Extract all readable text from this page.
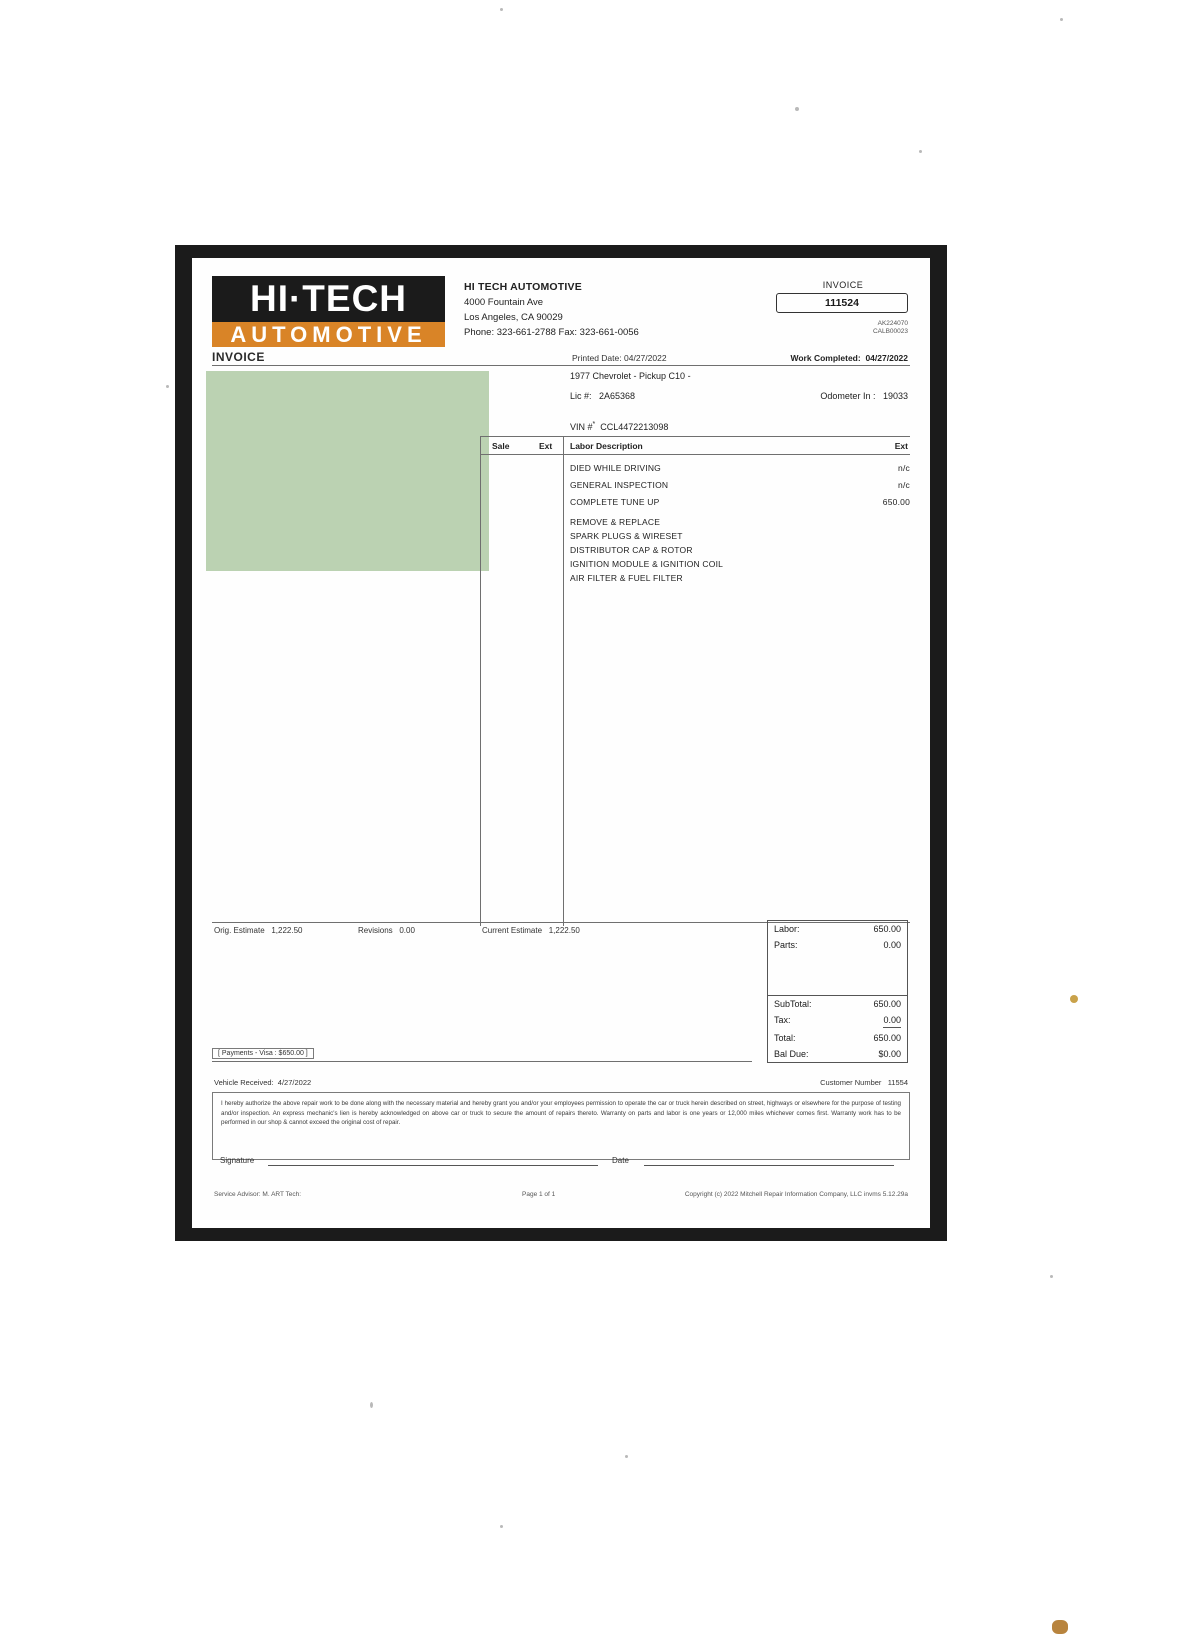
HI·TECH
AUTOMOTIVE
INVOICE
HI TECH AUTOMOTIVE
4000 Fountain Ave
Los Angeles, CA 90029
Phone: 323-661-2788 Fax: 323-661-0056
INVOICE
111524
AK224070
CALB00023
Printed Date: 04/27/2022	Work Completed: 04/27/2022
1977 Chevrolet - Pickup C10 -
Lic #: 2A65368	Odometer In : 19033
VIN #* CCL4472213098
Sale	Ext Labor Description	Ext
DIED WHILE DRIVING	n/c
GENERAL INSPECTION	n/c
COMPLETE TUNE UP	650.00
REMOVE & REPLACE
SPARK PLUGS & WIRESET
DISTRIBUTOR CAP & ROTOR
IGNITION MODULE & IGNITION COIL
AIR FILTER & FUEL FILTER
Orig. Estimate 1,222.50	Revisions 0.00	Current Estimate 1,222.50	Labor:	650.00
Parts:	0.00
SubTotal:	650.00
Tax:	0.00
Total:	650.00
Bal Due:	$0.00
[ Payments - Visa : $650.00 ]
Vehicle Received: 4/27/2022	Customer Number 11554
I hereby authorize the above repair work to be done along with the necessary material and hereby grant you and/or your employees permission to operate the car or truck herein described on street, highways or elsewhere for the purpose of testing and/or inspection. An express mechanic's lien is hereby acknowledged on above car or truck to secure the amount of repairs thereto. Warranty on parts and labor is one years or 12,000 miles whichever comes first. Warranty work has to be performed in our shop & cannot exceed the original cost of repair.
Signature	Date
Service Advisor: M. ART Tech:	Page 1 of 1	Copyright (c) 2022 Mitchell Repair Information Company, LLC invms 5.12.29a
